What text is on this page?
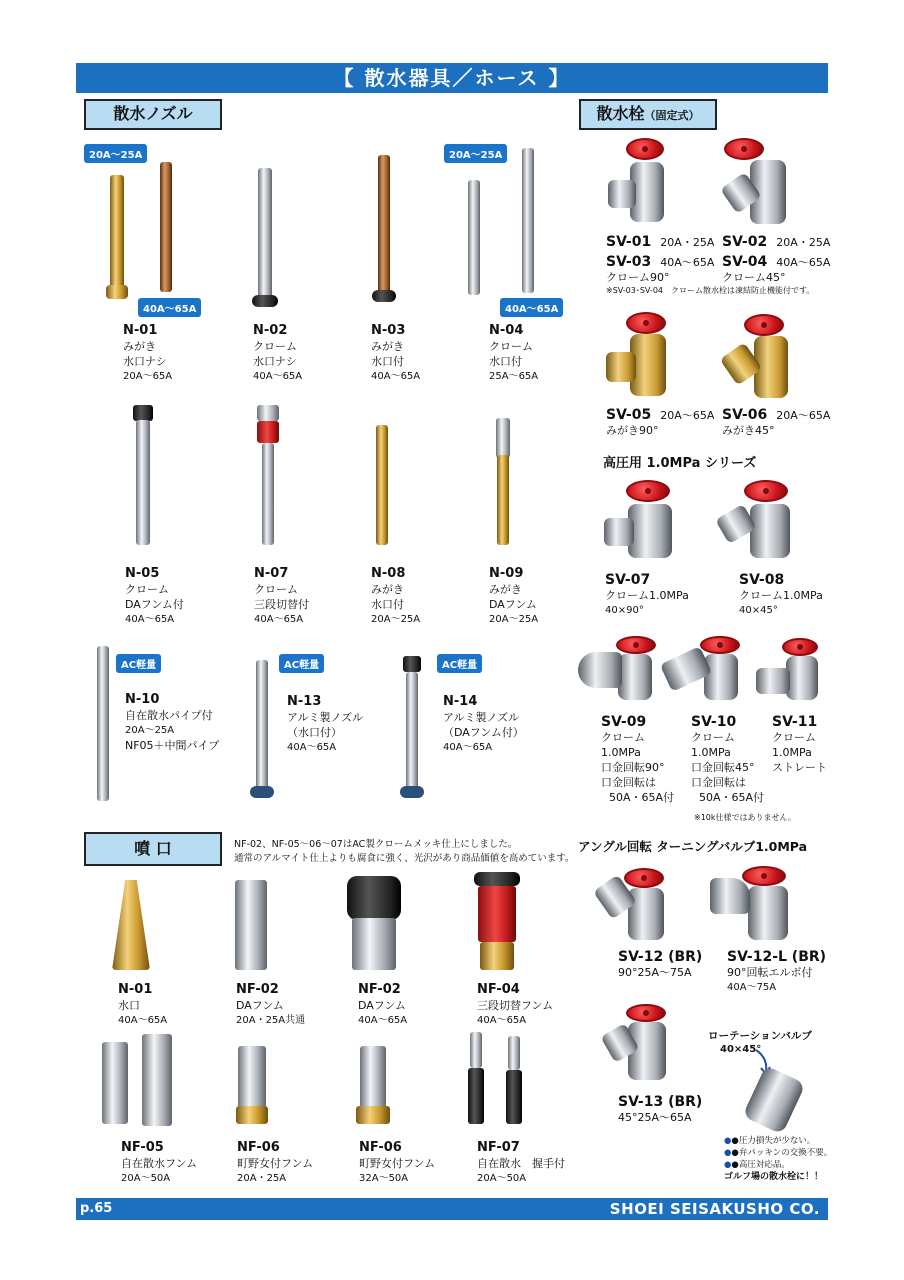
【 散水器具／ホース 】
散水ノズル	散水栓（固定式）
噴 口
20A〜25A
40A〜65A
20A〜25A
40A〜65A
AC軽量	AC軽量	AC軽量
N-01
みがき
水口ナシ
20A〜65A
N-02
クローム
水口ナシ
40A〜65A
N-03
みがき
水口付
40A〜65A
N-04
クローム
水口付
25A〜65A
N-05
クローム
DAフンム付
40A〜65A
N-07
クローム
三段切替付
40A〜65A
N-08
みがき
水口付
20A〜25A
N-09
みがき
DAフンム
20A〜25A
N-10
自在散水パイプ付
20A〜25A
NF05＋中間パイプ
N-13
アルミ製ノズル
（水口付）
40A〜65A
N-14
アルミ製ノズル
（DAフンム付）
40A〜65A
NF-02、NF-05〜06〜07はAC製クロームメッキ仕上にしました。
通常のアルマイト仕上よりも腐食に強く、光沢があり商品価値を高めています。
N-01
水口
40A〜65A
NF-02
DAフンム
20A・25A共通
NF-02
DAフンム
40A〜65A
NF-04
三段切替フンム
40A〜65A
NF-05
自在散水フンム
20A〜50A
NF-06
町野女付フンム
20A・25A
NF-06
町野女付フンム
32A〜50A
NF-07
自在散水　握手付
20A〜50A
SV-01 20A・25A SV-02 20A・25A
SV-03 40A〜65A
クローム90°
SV-04 40A〜65A
クローム45°
※SV-03･SV-04　クローム散水栓は凍結防止機能付です。
SV-05 20A〜65A
みがき90°
SV-06 20A〜65A
みがき45°
高圧用 1.0MPa シリーズ
SV-07
クローム1.0MPa
40×90°
SV-08
クローム1.0MPa
40×45°
SV-09
クローム
1.0MPa
口金回転90°
口金回転は
50A・65A付
SV-10
クローム
1.0MPa
口金回転45°
口金回転は
50A・65A付
SV-11
クローム
1.0MPa
ストレート
※10k仕様ではありません。
アングル回転 ターニングバルブ1.0MPa
SV-12 (BR)
90°25A〜75A
SV-12-L (BR)
90°回転エルボ付
40A〜75A
SV-13 (BR)
45°25A〜65A
ローテーションバルブ
40×45°
●●圧力損失が少ない。
●●弁パッキンの交換不要。
●●高圧対応品。
ゴルフ場の散水栓に！！
p.65	SHOEI SEISAKUSHO CO.
